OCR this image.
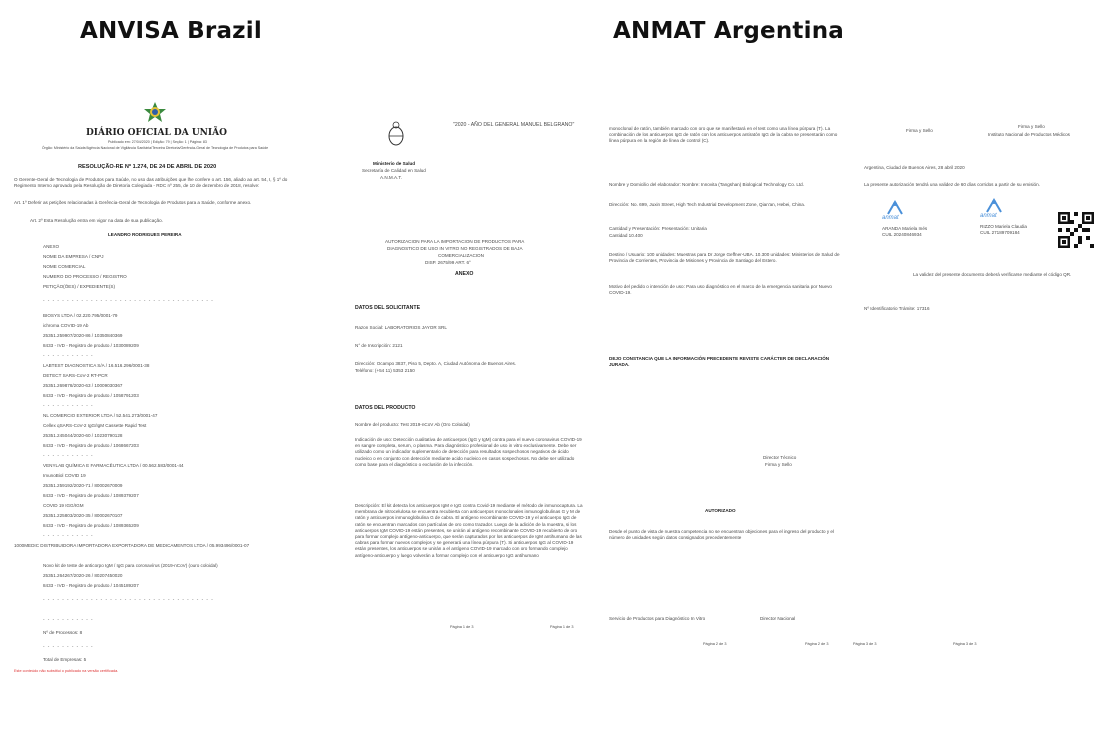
ANVISA Brazil	ANMAT Argentina
DIÁRIO OFICIAL DA UNIÃO
Publicado em: 27/04/2020 | Edição: 79 | Seção: 1 | Página: 83
Órgão: Ministério da Saúde/Agência Nacional de Vigilância Sanitária/Terceira Diretoria/Gerência-Geral de Tecnologia de Produtos para Saúde
RESOLUÇÃO-RE Nº 1.274, DE 24 DE ABRIL DE 2020
O Gerente-Geral de Tecnologia de Produtos para Saúde, no uso das atribuições que lhe confere o art. 156, aliado ao art. 54, I, § 1º do Regimento Interno aprovado pela Resolução de Diretoria Colegiada - RDC nº 255, de 10 de dezembro de 2018, resolve:
Art. 1º Deferir as petições relacionadas à Gerência-Geral de Tecnologia de Produtos para a Saúde, conforme anexo.
Art. 2º Esta Resolução entra em vigor na data de sua publicação.
LEANDRO RODRIGUES PEREIRA
ANEXO
NOME DA EMPRESA / CNPJ
NOME COMERCIAL
NUMERO DO PROCESSO / REGISTRO
PETIÇÃO(ÕES) / EXPEDIENTE(S)
- - - - - - - - - - - - - - - - - - - - - - - - - - - - - - - - - - - -
BIOSYS LTDA / 02.220.795/0001-79
ichroma COVID-19 Ab
25351.259907/2020-86 / 10350840369
8433 - IVD - Registro de produto / 1030089209
- - - - - - - - - - -
LABTEST DIAGNOSTICA S/A / 16.516.296/0001-38
DETECT SARS-CoV-2 RT-PCR
25351.269878/2020-63 / 10009030367
8433 - IVD - Registro de produto / 1058791203
- - - - - - - - - - -
NL COMERCIO EXTERIOR LTDA / 52.541.273/0001-47
Cellex qSARS-CoV-2 IgG/IgM Cassette Rapid Test
25351.245044/2020-60 / 10230790128
8433 - IVD - Registro de produto / 1068667203
- - - - - - - - - - -
VENYLAB QUÍMICA E FARMACÊUTICA LTDA / 00.562.583/0001-44
ImunoBiol COVID 19
25351.259192/2020-71 / 80002670009
8433 - IVD - Registro de produto / 1089379207
COVID 19 IGG/IGM
25351.225803/2020-35 / 80002670107
8433 - IVD - Registro de produto / 1089365209
- - - - - - - - - - -
1000MEDIC DISTRIBUIDORA IMPORTADORA EXPORTADORA DE MEDICAMENTOS LTDA / 05.993496/0001-07
Novo kit de teste de anticorpo IgM / IgG para coronavírus (2019-nCoV) (ouro coloidal)
25351.264267/2020-26 / 80207450020
8433 - IVD - Registro de produto / 1045189207
- - - - - - - - - - - - - - - - - - - - - - - - - - - - - - - - - - - -
- - - - - - - - - - -
Nº de Processos: 8
- - - - - - - - - - -
Total de Empresas: 5
Este conteúdo não substitui o publicado na versão certificada.
"2020 - AÑO DEL GENERAL MANUEL BELGRANO"
Ministerio de Salud
Secretaría de Calidad en Salud
A.N.M.A.T.
AUTORIZACION PARA LA IMPORTACION DE PRODUCTOS PARA
DIAGNOSTICO DE USO IN VITRO NO REGISTRADOS DE BAJA
COMERCIALIZACION
DISP. 2675/99 ART. 6°
ANEXO
DATOS DEL SOLICITANTE
Razon Social: LABORATORIOS JAYOR SRL
N° de Inscripción: 2121
Dirección: Ocampo 3837, Piso 5, Depto. A, Ciudad Autónoma de Buenos Aires.
Teléfono: (+54 11) 5353 2150
DATOS DEL PRODUCTO
Nombre del producto: Test 2019-nCoV Ab (Oro Coloidal)
Indicación de uso: Detección cualitativa de anticuerpos (IgG y IgM) contra para el nuevo coronavirus COVID-19 en sangre completa, serum, o plasma. Para diagnóstico profesional de uso in vitro exclusivamente. Debe ser utilizado como un indicador suplementario de detección para resultados sospechosos negativos de ácido nucleico o en conjunto con detección mediante acido nucleico en casos sospechosos. No debe ser utilizado como base para el diagnóstico o exclusión de la infección.
Descripción: El kit detecta los anticuerpos IgM e IgG contra Covid-19 mediante el método de inmunocaptura. La membrana de nitrocelulosa se encuentra recubierta con anticuerpos monoclonales inmunoglobulinas G y M de ratón y anticuerpos inmunoglobulina G de cabra. El antígeno recombinante COVID-19 y el anticuerpo IgG de ratón se encuentran marcados con partículas de oro como trazador. Luego de la adición de la muestra, si los anticuerpos IgM COVID-19 están presentes, se unirán al antígeno recombinante COVID-19 recubierto de oro para formar complejo antígeno-anticuerpo, que serán capturados por los anticuerpos de IgM antihumano de las cabras para formar nuevos complejos y se generará una línea púrpura (T). Si anticuerpos IgG al COVID-19 están presentes, los anticuerpos se unirán a el antígeno COVID-19 marcado con oro formando complejo antígeno-anticuerpo y luego volverán a formar complejo con el anticuerpo IgG antihumano
Página 1 de 3	Página 1 de 3
monoclonal de ratón, también marcado con oro que se manifestará en el test como una línea púrpura (T). La combinación de los anticuerpos IgG de ratón con los anticuerpos antiratón IgG de la cabra se presentarán como línea púrpura en la región de línea de control (C).
Nombre y Domicilio del elaborador: Nombre: Innovita (Tangshan) Biological Technology Co. Ltd.
Dirección: No. 699, Juxin Street, High Tech Industrial Development Zone, Qian'an, Hebei, China.
Cantidad y Presentación: Presentación: Unitaria
Cantidad 10.400
Destino / Usuario: 100 unidades: Muestras para Dr Jorge Geffner-UBA. 10.300 unidades: Ministerios de Salud de Provincia de Corrientes, Provincia de Misiones y Provincia de Santiago del Estero.
Motivo del pedido o intención de uso: Para uso diagnóstico en el marco de la emergencia sanitaria por Nuevo COVID-19.
DEJO CONSTANCIA QUE LA INFORMACIÓN PRECEDENTE REVISTE CARÁCTER DE DECLARACIÓN JURADA.
Director Técnico
Firma y Sello
AUTORIZADO
Desde el punto de vista de nuestra competencia no se encuentran objeciones para el ingreso del producto y el número de unidades según datos consignados precedentemente
Servicio de Productos para Diagnóstico In Vitro	Director Nacional
Página 2 de 3	Página 2 de 3
Firma y Sello
Firma y Sello
Instituto Nacional de Productos Médicos
Argentina, Ciudad de Buenos Aires, 28 abril 2020
La presente autorización tendrá una validez de 60 días corridos a partir de su emisión.
anmat
ARANDA Mariela Inés
CUIL 20240846934
anmat
RIZZO Mariela Claudia
CUIL 27189709184
La validez del presente documento deberá verificarse mediante el código QR.
Nº Identificatorio Trámite: 17316
Página 3 de 3	Página 3 de 3
